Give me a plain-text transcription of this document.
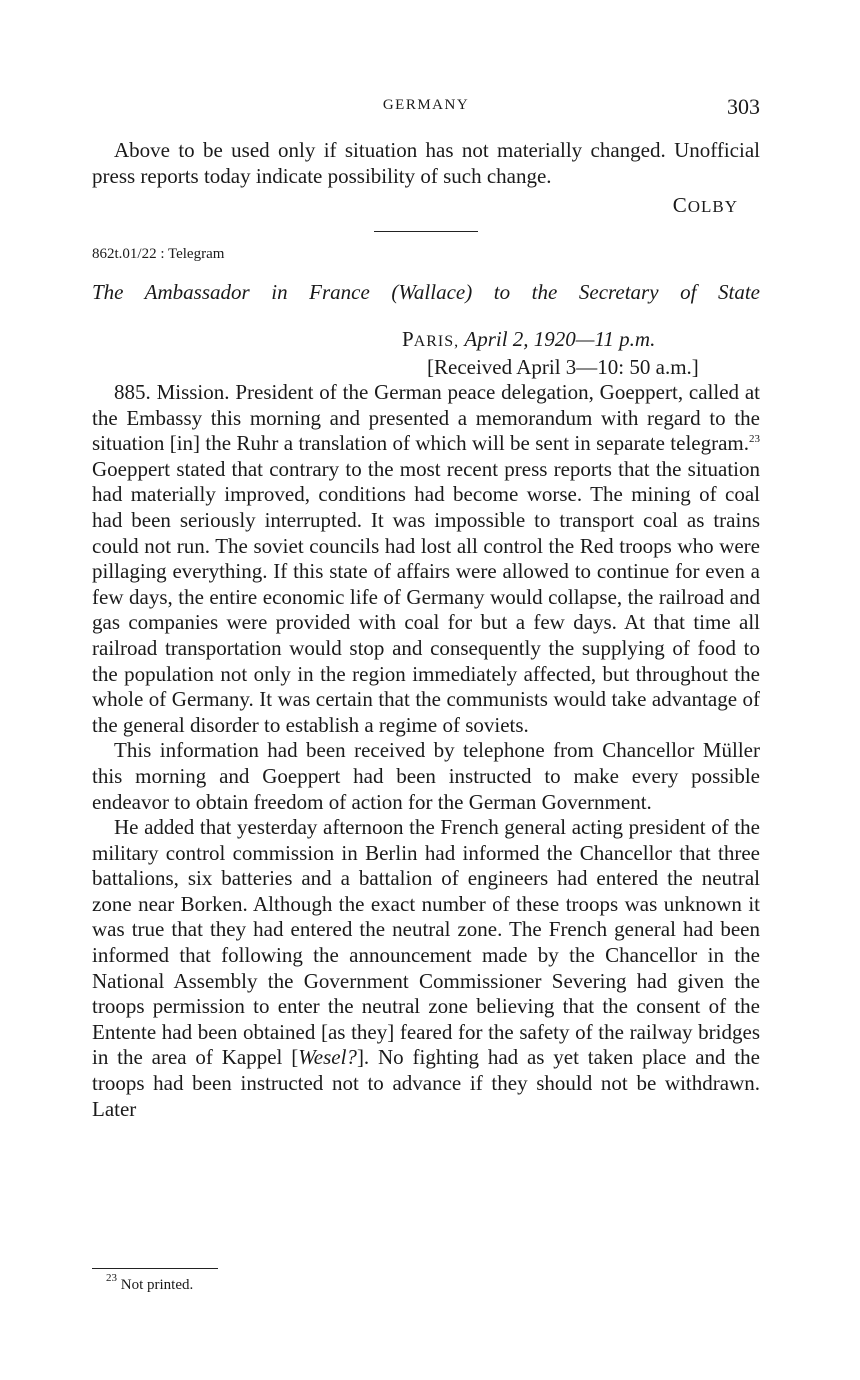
GERMANY	303

Above to be used only if situation has not materially changed. Unofficial press reports today indicate possibility of such change.

COLBY

862t.01/22 : Telegram

The Ambassador in France (Wallace) to the Secretary of State

PARIS, April 2, 1920—11 p.m.

[Received April 3—10: 50 a.m.]

885. Mission. President of the German peace delegation, Goeppert, called at the Embassy this morning and presented a memorandum with regard to the situation [in] the Ruhr a translation of which will be sent in separate telegram.$^{23}$ Goeppert stated that contrary to the most recent press reports that the situation had materially improved, conditions had become worse. The mining of coal had been seriously interrupted. It was impossible to transport coal as trains could not run. The soviet councils had lost all control the Red troops who were pillaging everything. If this state of affairs were allowed to continue for even a few days, the entire economic life of Germany would collapse, the railroad and gas companies were provided with coal for but a few days. At that time all railroad transportation would stop and consequently the supplying of food to the population not only in the region immediately affected, but throughout the whole of Germany. It was certain that the communists would take advantage of the general disorder to establish a regime of soviets.

This information had been received by telephone from Chancellor Müller this morning and Goeppert had been instructed to make every possible endeavor to obtain freedom of action for the German Government.

He added that yesterday afternoon the French general acting president of the military control commission in Berlin had informed the Chancellor that three battalions, six batteries and a battalion of engineers had entered the neutral zone near Borken. Although the exact number of these troops was unknown it was true that they had entered the neutral zone. The French general had been informed that following the announcement made by the Chancellor in the National Assembly the Government Commissioner Severing had given the troops permission to enter the neutral zone believing that the consent of the Entente had been obtained [as they] feared for the safety of the railway bridges in the area of Kappel [Wesel?]. No fighting had as yet taken place and the troops had been instructed not to advance if they should not be withdrawn. Later

$^{23}$ Not printed.
